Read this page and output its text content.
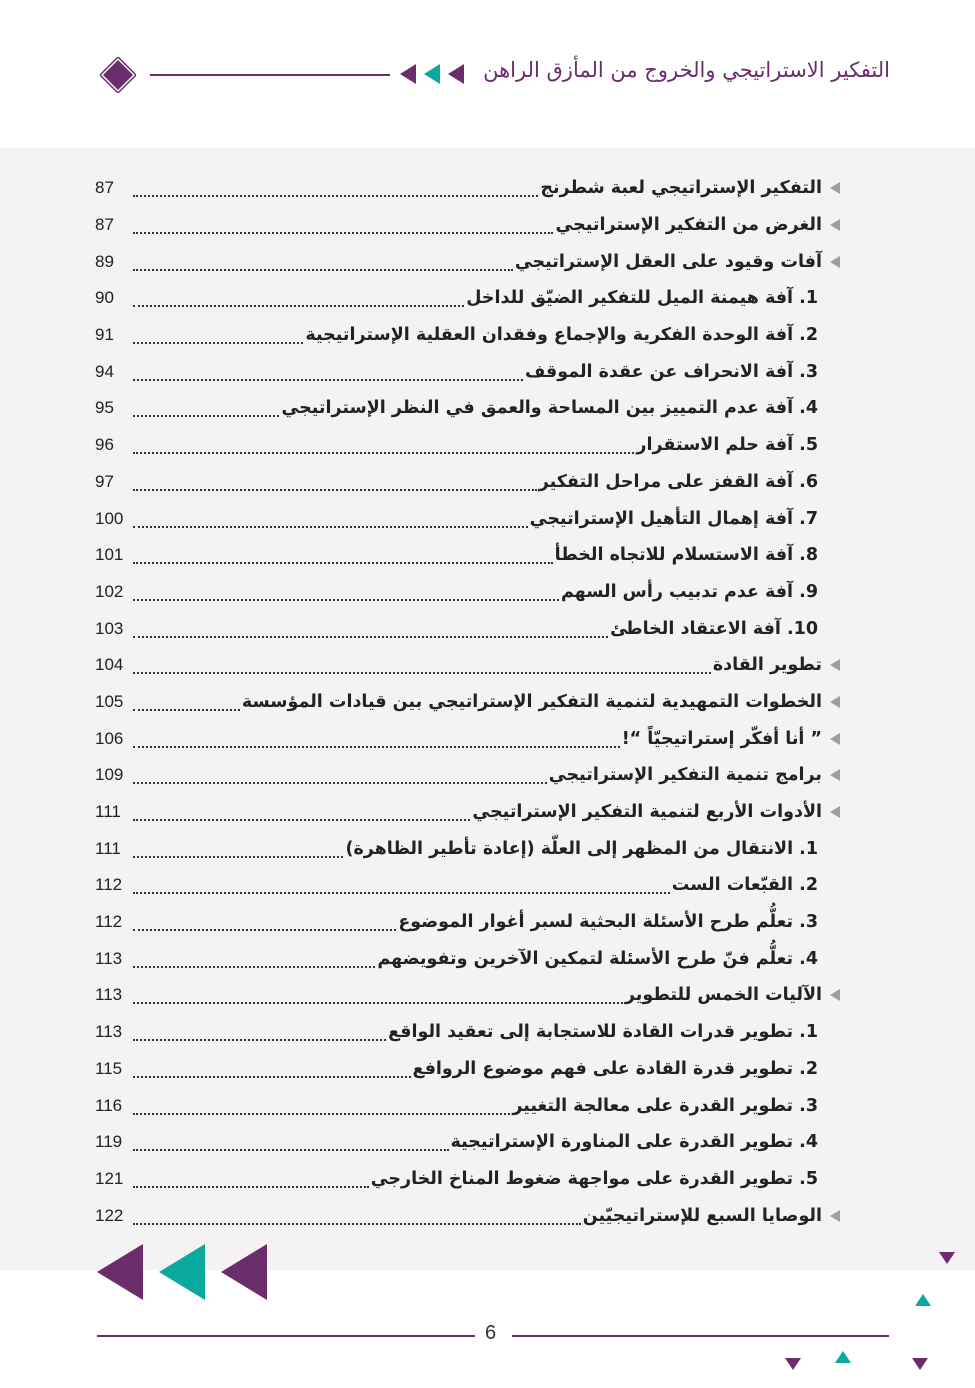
التفكير الاستراتيجي والخروج من المأزق الراهن
التفكير الإستراتيجي لعبة شطرنج
87
الغرض من التفكير الإستراتيجي
87
آفات وقيود على العقل الإستراتيجي
89
1. آفة هيمنة الميل للتفكير الضيّق للداخل
90
2. آفة الوحدة الفكرية والإجماع وفقدان العقلية الإستراتيجية
91
3. آفة الانحراف عن عقدة الموقف
94
4. آفة عدم التمييز بين المساحة والعمق في النظر الإستراتيجي
95
5. آفة حلم الاستقرار
96
6. آفة القفز على مراحل التفكير
97
7. آفة إهمال التأهيل الإستراتيجي
100
8. آفة الاستسلام للاتجاه الخطأ
101
9. آفة عدم تدبيب رأس السهم
102
10. آفة الاعتقاد الخاطئ
103
تطوير القادة
104
الخطوات التمهيدية لتنمية التفكير الإستراتيجي بين قيادات المؤسسة
105
” أنا أفكّر إستراتيجيّاً “!
106
برامج تنمية التفكير الإستراتيجي
109
الأدوات الأربع لتنمية التفكير الإستراتيجي
111
1. الانتقال من المظهر إلى العلّة (إعادة تأطير الظاهرة)
111
2. القبّعات الست
112
3. تعلُّم طرح الأسئلة البحثية لسبر أغوار الموضوع
112
4. تعلُّم فنّ طرح الأسئلة لتمكين الآخرين وتفويضهم
113
الآليات الخمس للتطوير
113
1. تطوير قدرات القادة للاستجابة إلى تعقيد الواقع
113
2. تطوير قدرة القادة على فهم موضوع الروافع
115
3. تطوير القدرة على معالجة التغيير
116
4. تطوير القدرة على المناورة الإستراتيجية
119
5. تطوير القدرة على مواجهة ضغوط المناخ الخارجي
121
الوصايا السبع للإستراتيجيّين
122
6
